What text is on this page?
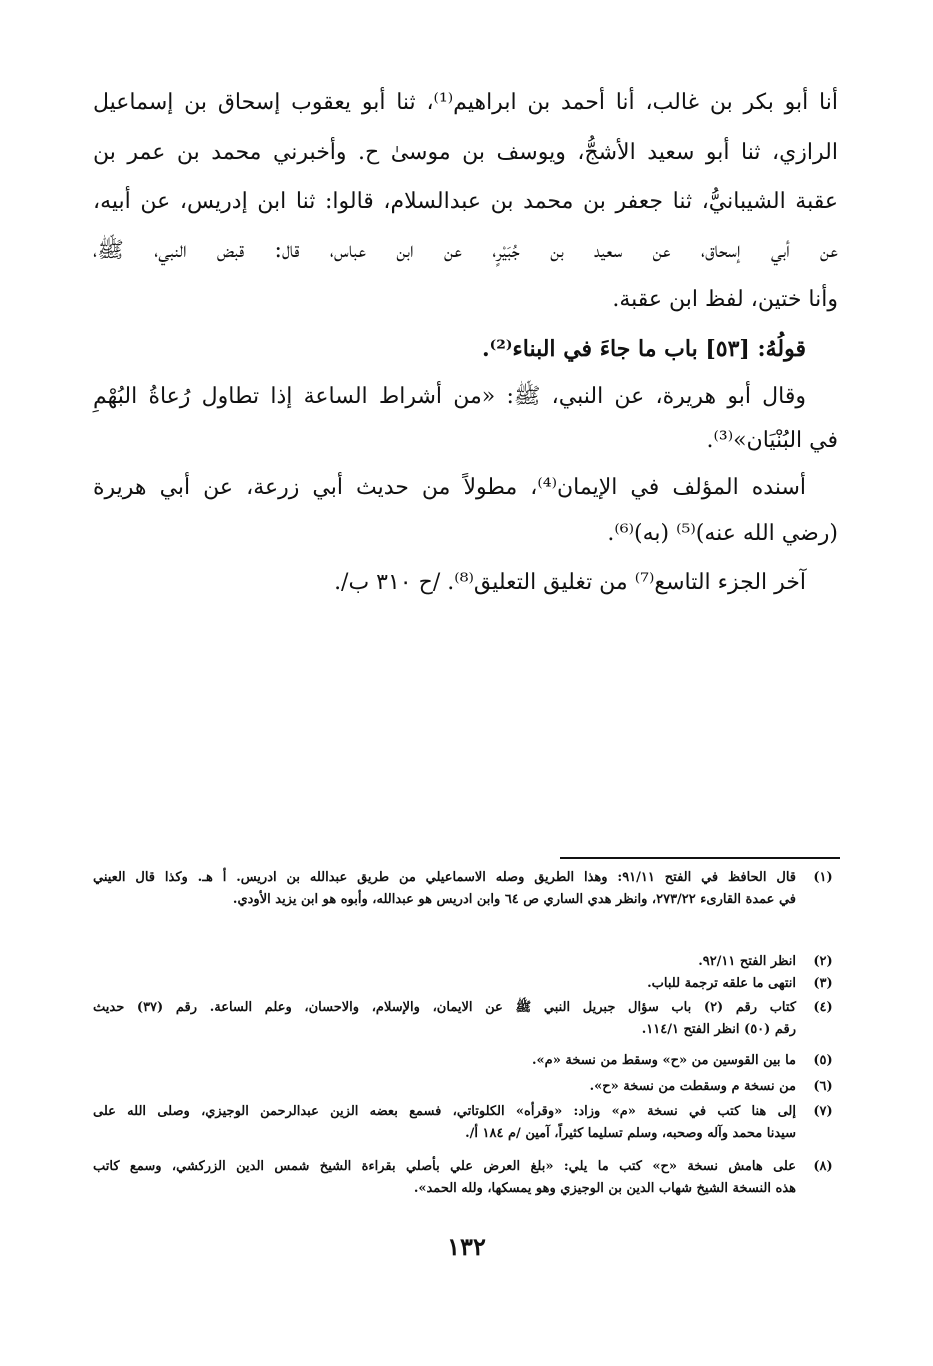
أنا أبو بكر بن غالب، أنا أحمد بن ابراهيم⁽¹⁾، ثنا أبو يعقوب إسحاق بن إسماعيل
الرازي، ثنا أبو سعيد الأشجُّ، ويوسف بن موسىٰ ح. وأخبرني محمد بن عمر بن
عقبة الشيبانيُّ، ثنا جعفر بن محمد بن عبدالسلام، قالوا: ثنا ابن إدريس، عن أبيه،
عن أبي إسحاق، عن سعيد بن جُبَيْرٍ، عن ابن عباس، قال: قبض النبي، ﷺ،
وأنا ختين، لفظ ابن عقبة.
قولُهُ: [٥٣] باب ما جاءَ في البناء⁽²⁾.
وقال أبو هريرة، عن النبي، ﷺ: «من أشراط الساعة إذا تطاول رُعاةُ البُهْمِ
في البُنْيَان»⁽³⁾.
أسنده المؤلف في الإيمان⁽⁴⁾، مطولاً من حديث أبي زرعة، عن أبي هريرة
(رضي الله عنه)⁽⁵⁾ (به)⁽⁶⁾.
آخر الجزء التاسع⁽⁷⁾ من تغليق التعليق⁽⁸⁾. /ح ٣١٠ ب/.
(١)
قال الحافظ في الفتح ٩١/١١: وهذا الطريق وصله الاسماعيلي من طريق عبدالله بن ادريس. أ هـ. وكذا قال العيني
في عمدة القارىء ٢٧٣/٢٢، وانظر هدي الساري ص ٦٤ وابن ادريس هو عبدالله، وأبوه هو ابن يزيد الأودي.
(٢)
انظر الفتح ٩٢/١١.
(٣)
انتهى ما علقه ترجمة للباب.
(٤)
كتاب رقم (٢) باب سؤال جبريل النبي ﷺ عن الايمان، والإسلام، والاحسان، وعلم الساعة. رقم (٣٧) حديث
رقم (٥٠) انظر الفتح ١١٤/١.
(٥)
ما بين القوسين من «ح» وسقط من نسخة «م».
(٦)
من نسخة م وسقطت من نسخة «ح».
(٧)
إلى هنا كتب في نسخة «م» وزاد: «وقرأه» الكلوتاتي، فسمع بعضه الزين عبدالرحمن الوجيزي، وصلى الله على
سيدنا محمد وآله وصحبه، وسلم تسليما كثيراً، آمين /م ١٨٤ أ/.
(٨)
على هامش نسخة «ح» كتب ما يلي: «بلغ العرض علي بأصلي بقراءة الشيخ شمس الدين الزركشي، وسمع كاتب
هذه النسخة الشيخ شهاب الدين بن الوجيزي وهو يمسكها، ولله الحمد».
١٣٢
